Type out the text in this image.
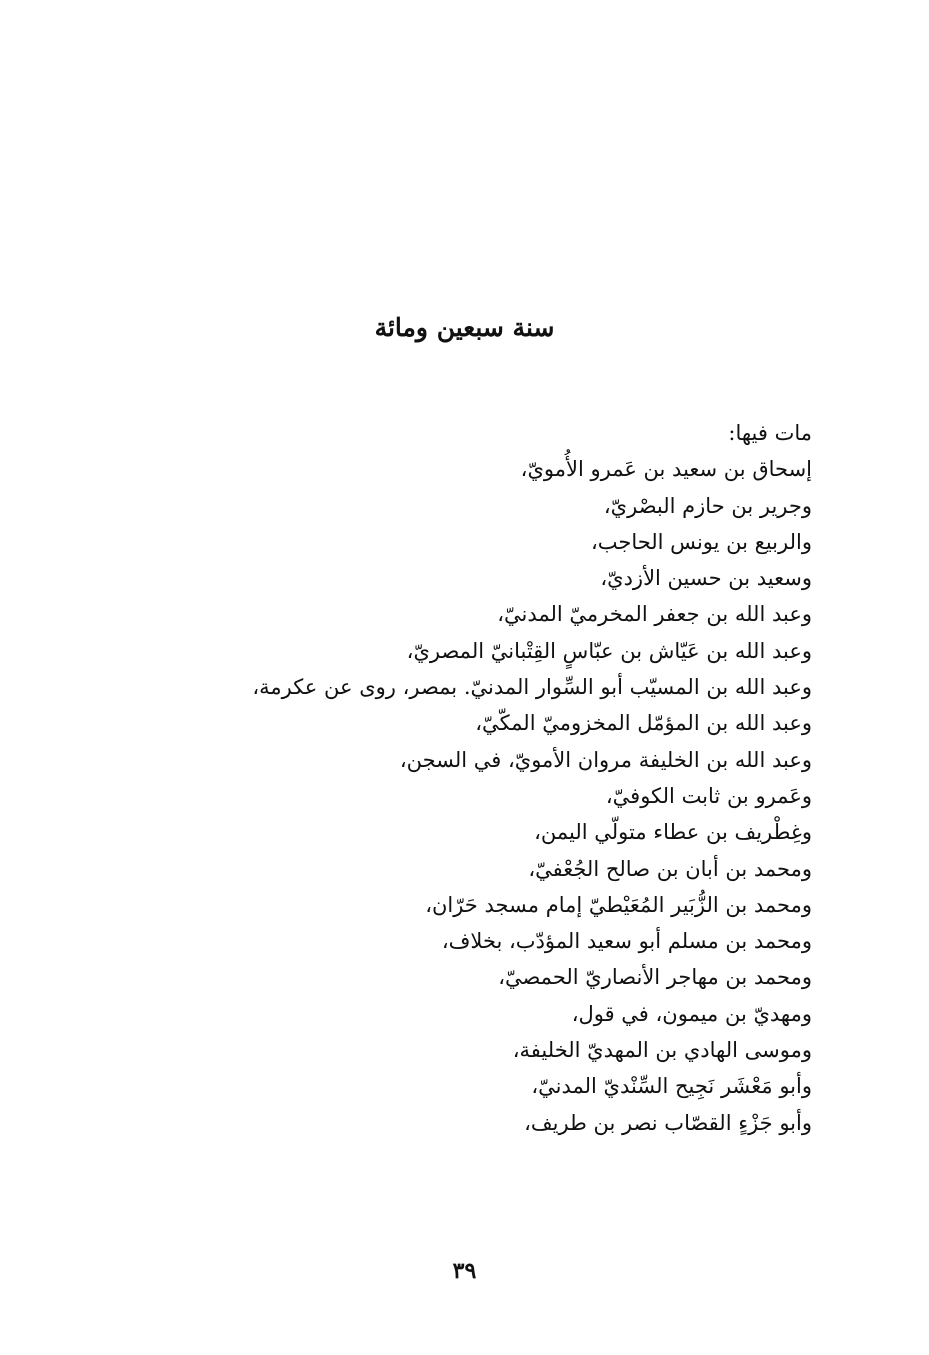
سنة سبعين ومائة
مات فيها:
إسحاق بن سعيد بن عَمرو الأُمويّ،
وجرير بن حازم البصْريّ،
والربيع بن يونس الحاجب،
وسعيد بن حسين الأزديّ،
وعبد الله بن جعفر المخرميّ المدنيّ،
وعبد الله بن عَيّاش بن عبّاسٍ القِتْبانيّ المصريّ،
وعبد الله بن المسيّب أبو السِّوار المدنيّ. بمصر، روى عن عكرمة،
وعبد الله بن المؤمّل المخزوميّ المكّيّ،
وعبد الله بن الخليفة مروان الأمويّ، في السجن،
وعَمرو بن ثابت الكوفيّ،
وغِطْريف بن عطاء متولّي اليمن،
ومحمد بن أبان بن صالح الجُعْفيّ،
ومحمد بن الزُّبَير المُعَيْطيّ إمام مسجد حَرّان،
ومحمد بن مسلم أبو سعيد المؤدّب، بخلاف،
ومحمد بن مهاجر الأنصاريّ الحمصيّ،
ومهديّ بن ميمون، في قول،
وموسى الهادي بن المهديّ الخليفة،
وأبو مَعْشَر نَجِيح السِّنْديّ المدنيّ،
وأبو جَزْءٍ القصّاب نصر بن طريف،
٣٩
